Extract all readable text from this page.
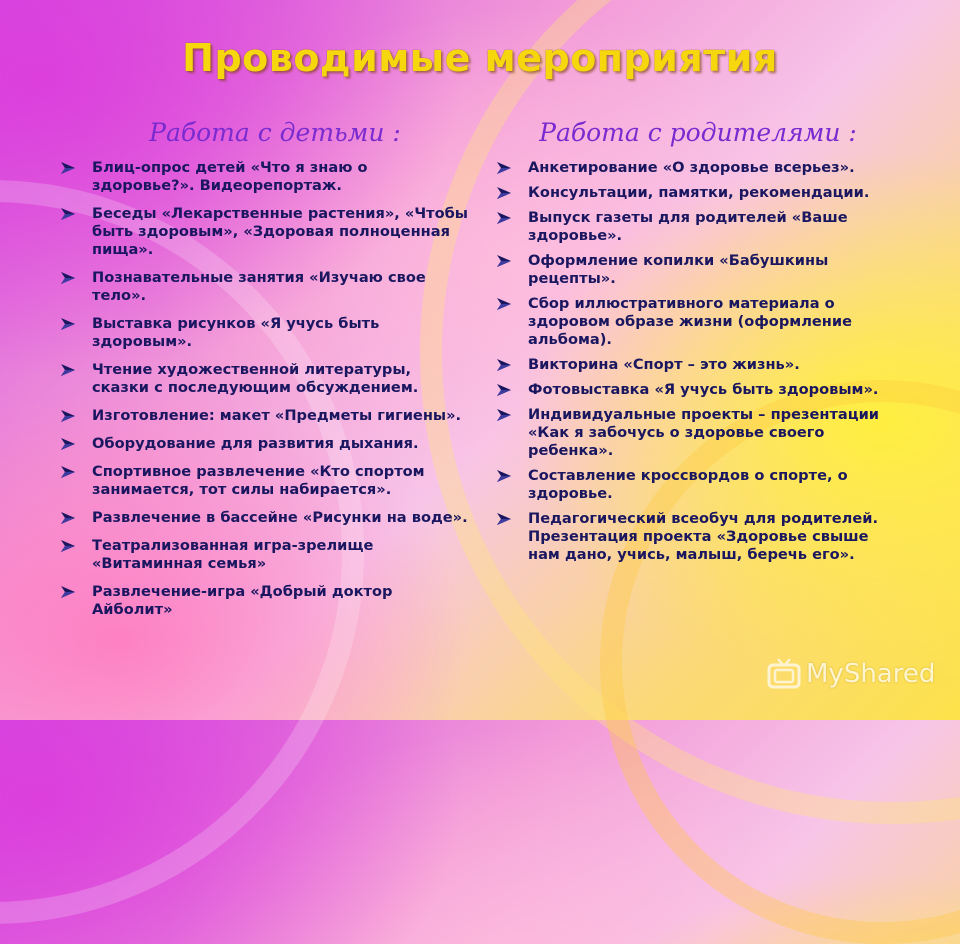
Проводимые мероприятия
Работа с детьми :
Блиц-опрос детей «Что я знаю о здоровье?». Видеорепортаж.
Беседы «Лекарственные растения», «Чтобы быть здоровым», «Здоровая полноценная пища».
Познавательные занятия «Изучаю свое тело».
Выставка рисунков «Я учусь быть здоровым».
Чтение художественной литературы, сказки с последующим обсуждением.
Изготовление: макет «Предметы гигиены».
Оборудование для развития дыхания.
Спортивное развлечение «Кто спортом занимается, тот силы набирается».
Развлечение в бассейне «Рисунки на воде».
Театрализованная игра-зрелище «Витаминная семья»
Развлечение-игра «Добрый доктор Айболит»
Работа с родителями :
Анкетирование «О здоровье всерьез».
Консультации, памятки, рекомендации.
Выпуск газеты для родителей «Ваше здоровье».
Оформление копилки «Бабушкины рецепты».
Сбор иллюстративного материала о здоровом образе жизни (оформление альбома).
Викторина «Спорт – это жизнь».
Фотовыставка «Я учусь быть здоровым».
Индивидуальные проекты – презентации «Как я забочусь о здоровье своего ребенка».
Составление кроссвордов о спорте, о здоровье.
Педагогический всеобуч для родителей. Презентация проекта «Здоровье свыше нам дано, учись, малыш, беречь его».
MyShared
